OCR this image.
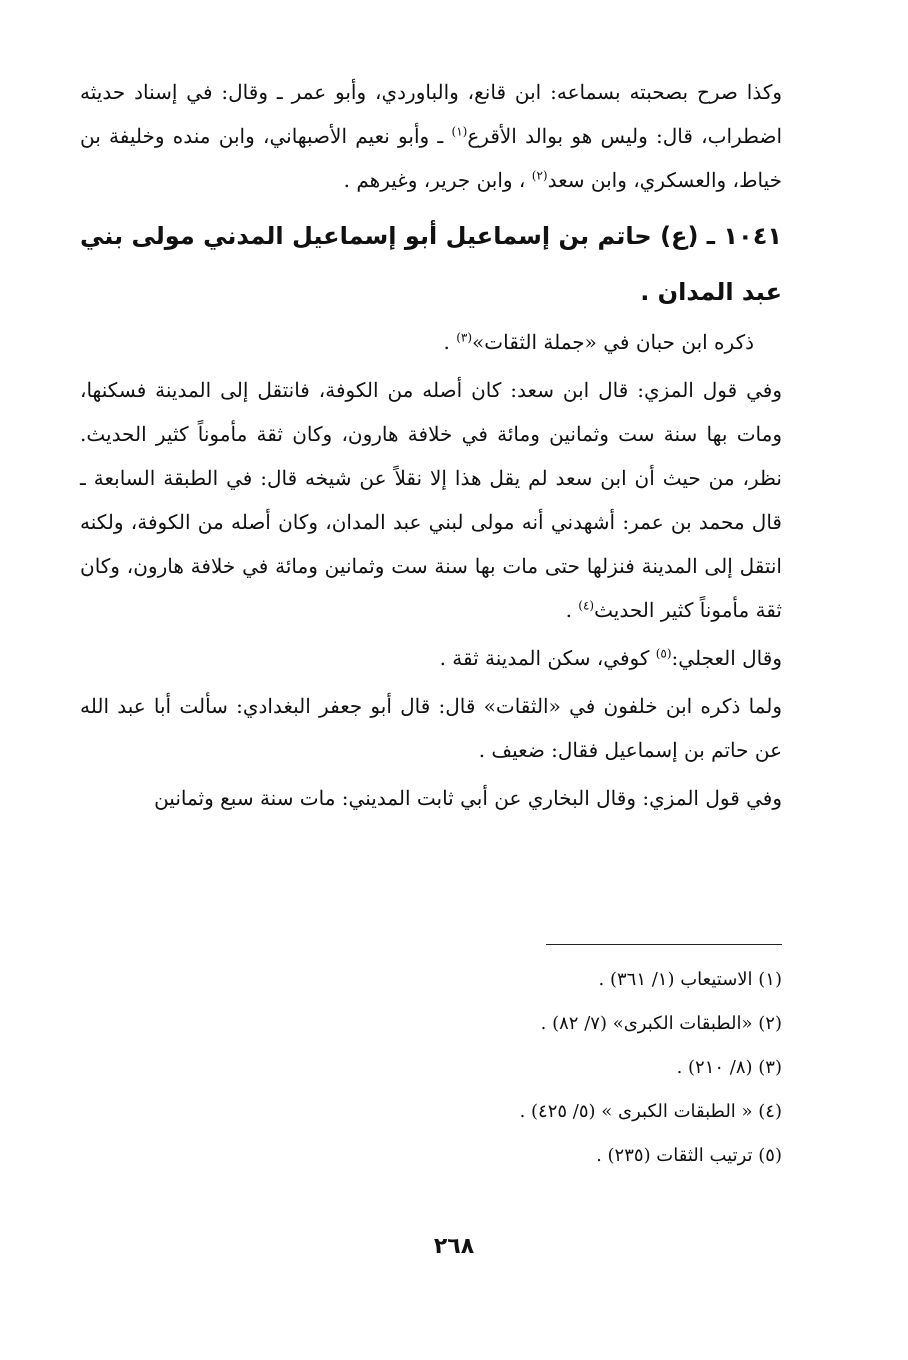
وكذا صرح بصحبته بسماعه: ابن قانع، والباوردي، وأبو عمر ـ وقال: في إسناد حديثه اضطراب، قال: وليس هو بوالد الأقرع$^{(١)}$ ـ وأبو نعيم الأصبهاني، وابن منده وخليفة بن خياط، والعسكري، وابن سعد$^{(٢)}$ ، وابن جرير، وغيرهم .

١٠٤١ ـ (ع) حاتم بن إسماعيل أبو إسماعيل المدني مولى بني عبد المدان .

ذكره ابن حبان في «جملة الثقات»$^{(٣)}$ .

وفي قول المزي: قال ابن سعد: كان أصله من الكوفة، فانتقل إلى المدينة فسكنها، ومات بها سنة ست وثمانين ومائة في خلافة هارون، وكان ثقة مأموناً كثير الحديث. نظر، من حيث أن ابن سعد لم يقل هذا إلا نقلاً عن شيخه قال: في الطبقة السابعة ـ قال محمد بن عمر: أشهدني أنه مولى لبني عبد المدان، وكان أصله من الكوفة، ولكنه انتقل إلى المدينة فنزلها حتى مات بها سنة ست وثمانين ومائة في خلافة هارون، وكان ثقة مأموناً كثير الحديث$^{(٤)}$ .

وقال العجلي:$^{(٥)}$ كوفي، سكن المدينة ثقة .

ولما ذكره ابن خلفون في «الثقات» قال: قال أبو جعفر البغدادي: سألت أبا عبد الله عن حاتم بن إسماعيل فقال: ضعيف .

وفي قول المزي: وقال البخاري عن أبي ثابت المديني: مات سنة سبع وثمانين

(١) الاستيعاب (١/ ٣٦١) .
(٢) «الطبقات الكبرى» (٧/ ٨٢) .
(٣) (٨/ ٢١٠) .
(٤) « الطبقات الكبرى » (٥/ ٤٢٥) .
(٥) ترتيب الثقات (٢٣٥) .
٢٦٨
